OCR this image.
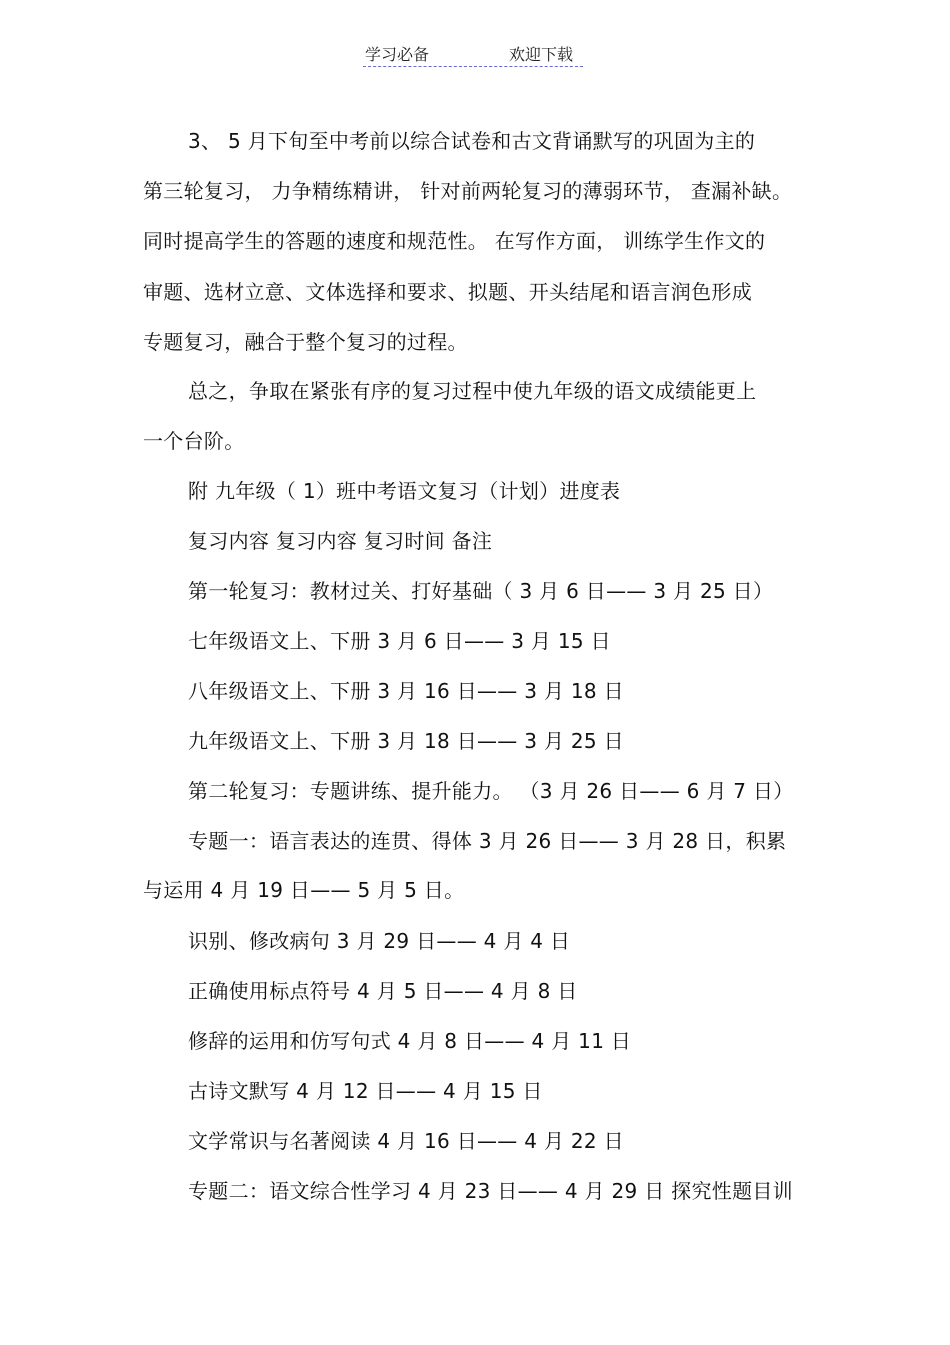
学习必备	欢迎下载
3、 5 月下旬至中考前以综合试卷和古文背诵默写的巩固为主的
第三轮复习， 力争精练精讲， 针对前两轮复习的薄弱环节， 查漏补缺。
同时提高学生的答题的速度和规范性。 在写作方面， 训练学生作文的
审题、选材立意、文体选择和要求、拟题、开头结尾和语言润色形成
专题复习，融合于整个复习的过程。
总之，争取在紧张有序的复习过程中使九年级的语文成绩能更上
一个台阶。
附 九年级（ 1）班中考语文复习（计划）进度表
复习内容 复习内容 复习时间 备注
第一轮复习：教材过关、打好基础（ 3 月 6 日—— 3 月 25 日）
七年级语文上、下册 3 月 6 日—— 3 月 15 日
八年级语文上、下册 3 月 16 日—— 3 月 18 日
九年级语文上、下册 3 月 18 日—— 3 月 25 日
第二轮复习：专题讲练、提升能力。 （3 月 26 日—— 6 月 7 日）
专题一：语言表达的连贯、得体 3 月 26 日—— 3 月 28 日，积累
与运用 4 月 19 日—— 5 月 5 日。
识别、修改病句 3 月 29 日—— 4 月 4 日
正确使用标点符号 4 月 5 日—— 4 月 8 日
修辞的运用和仿写句式 4 月 8 日—— 4 月 11 日
古诗文默写 4 月 12 日—— 4 月 15 日
文学常识与名著阅读 4 月 16 日—— 4 月 22 日
专题二：语文综合性学习 4 月 23 日—— 4 月 29 日 探究性题目训
